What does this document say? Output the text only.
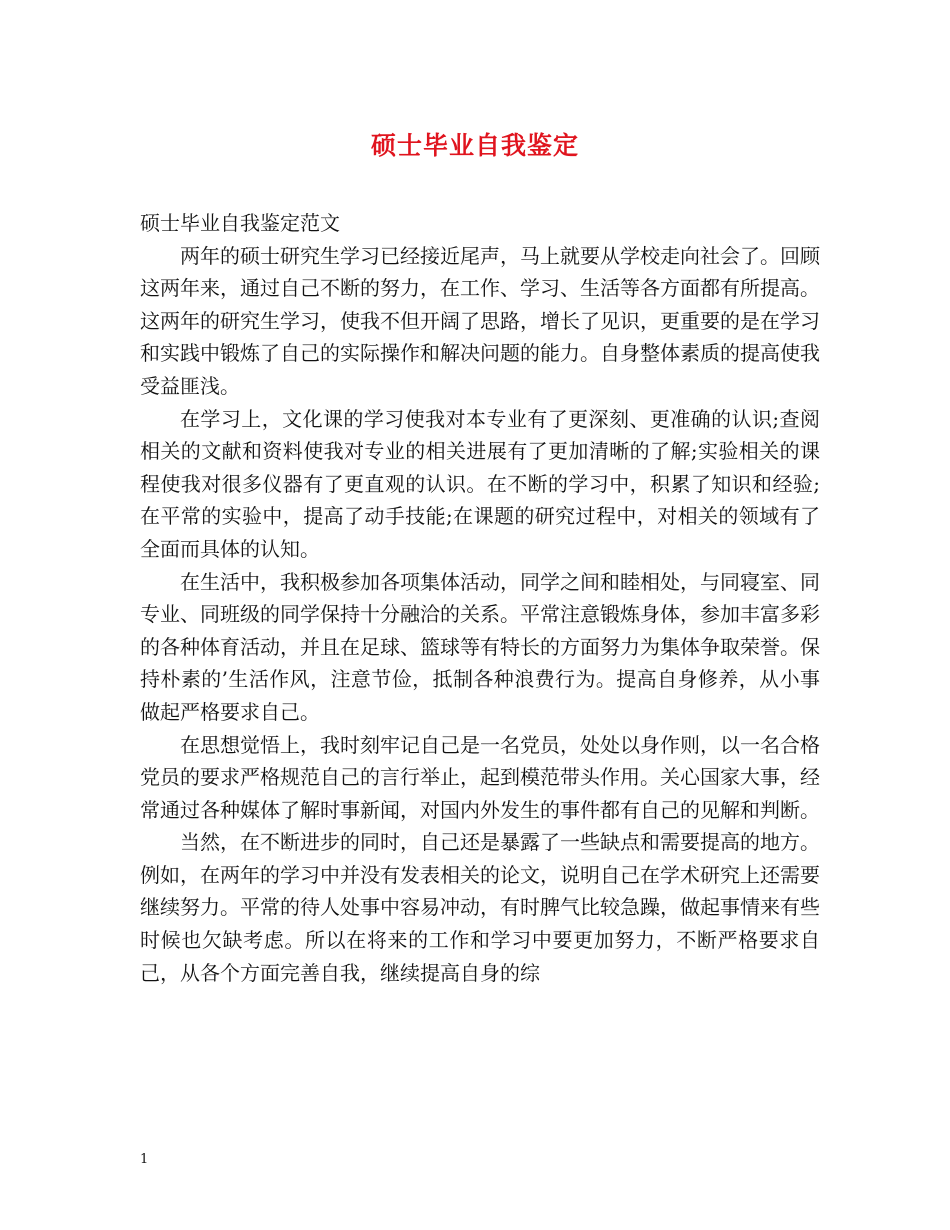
硕士毕业自我鉴定

硕士毕业自我鉴定范文

两年的硕士研究生学习已经接近尾声，马上就要从学校走向社会了。回顾这两年来，通过自己不断的努力，在工作、学习、生活等各方面都有所提高。这两年的研究生学习，使我不但开阔了思路，增长了见识，更重要的是在学习和实践中锻炼了自己的实际操作和解决问题的能力。自身整体素质的提高使我受益匪浅。

在学习上，文化课的学习使我对本专业有了更深刻、更准确的认识;查阅相关的文献和资料使我对专业的相关进展有了更加清晰的了解;实验相关的课程使我对很多仪器有了更直观的认识。在不断的学习中，积累了知识和经验;在平常的实验中，提高了动手技能;在课题的研究过程中，对相关的领域有了全面而具体的认知。

在生活中，我积极参加各项集体活动，同学之间和睦相处，与同寝室、同专业、同班级的同学保持十分融洽的关系。平常注意锻炼身体，参加丰富多彩的各种体育活动，并且在足球、篮球等有特长的方面努力为集体争取荣誉。保持朴素的’生活作风，注意节俭，抵制各种浪费行为。提高自身修养，从小事做起严格要求自己。

在思想觉悟上，我时刻牢记自己是一名党员，处处以身作则，以一名合格党员的要求严格规范自己的言行举止，起到模范带头作用。关心国家大事，经常通过各种媒体了解时事新闻，对国内外发生的事件都有自己的见解和判断。

当然，在不断进步的同时，自己还是暴露了一些缺点和需要提高的地方。例如，在两年的学习中并没有发表相关的论文，说明自己在学术研究上还需要继续努力。平常的待人处事中容易冲动，有时脾气比较急躁，做起事情来有些时候也欠缺考虑。所以在将来的工作和学习中要更加努力，不断严格要求自己，从各个方面完善自我，继续提高自身的综

1
